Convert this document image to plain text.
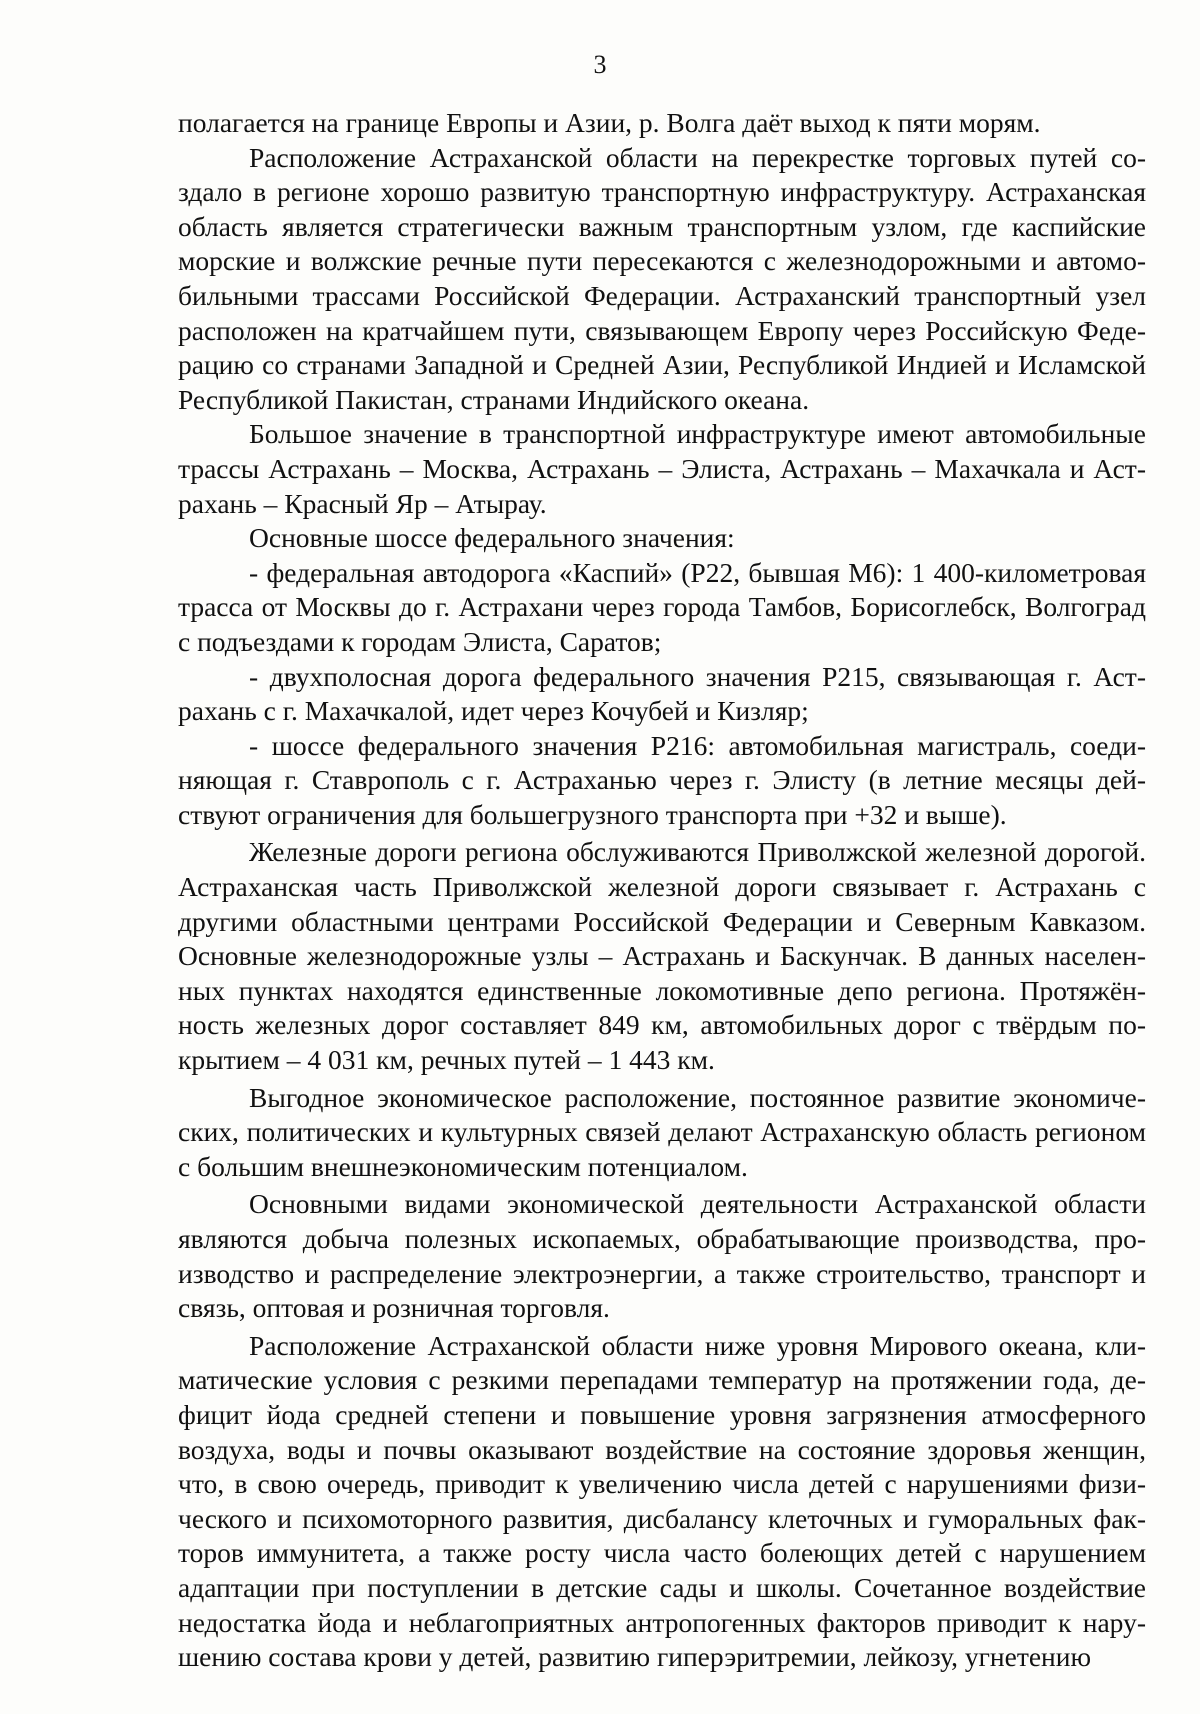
3

полагается на границе Европы и Азии, р. Волга даёт выход к пяти морям.

Расположение Астраханской области на перекрестке торговых путей создало в регионе хорошо развитую транспортную инфраструктуру. Астраханская область является стратегически важным транспортным узлом, где каспийские морские и волжские речные пути пересекаются с железнодорожными и автомобильными трассами Российской Федерации. Астраханский транспортный узел расположен на кратчайшем пути, связывающем Европу через Российскую Федерацию со странами Западной и Средней Азии, Республикой Индией и Исламской Республикой Пакистан, странами Индийского океана.

Большое значение в транспортной инфраструктуре имеют автомобильные трассы Астрахань – Москва, Астрахань – Элиста, Астрахань – Махачкала и Астрахань – Красный Яр – Атырау.

Основные шоссе федерального значения:

- федеральная автодорога «Каспий» (Р22, бывшая М6): 1 400-километровая трасса от Москвы до г. Астрахани через города Тамбов, Борисоглебск, Волгоград с подъездами к городам Элиста, Саратов;

- двухполосная дорога федерального значения Р215, связывающая г. Астрахань с г. Махачкалой, идет через Кочубей и Кизляр;

- шоссе федерального значения Р216: автомобильная магистраль, соединяющая г. Ставрополь с г. Астраханью через г. Элисту (в летние месяцы действуют ограничения для большегрузного транспорта при +32 и выше).

Железные дороги региона обслуживаются Приволжской железной дорогой. Астраханская часть Приволжской железной дороги связывает г. Астрахань с другими областными центрами Российской Федерации и Северным Кавказом. Основные железнодорожные узлы – Астрахань и Баскунчак. В данных населенных пунктах находятся единственные локомотивные депо региона. Протяжённость железных дорог составляет 849 км, автомобильных дорог с твёрдым покрытием – 4 031 км, речных путей – 1 443 км.

Выгодное экономическое расположение, постоянное развитие экономических, политических и культурных связей делают Астраханскую область регионом с большим внешнеэкономическим потенциалом.

Основными видами экономической деятельности Астраханской области являются добыча полезных ископаемых, обрабатывающие производства, производство и распределение электроэнергии, а также строительство, транспорт и связь, оптовая и розничная торговля.

Расположение Астраханской области ниже уровня Мирового океана, климатические условия с резкими перепадами температур на протяжении года, дефицит йода средней степени и повышение уровня загрязнения атмосферного воздуха, воды и почвы оказывают воздействие на состояние здоровья женщин, что, в свою очередь, приводит к увеличению числа детей с нарушениями физического и психомоторного развития, дисбалансу клеточных и гуморальных факторов иммунитета, а также росту числа часто болеющих детей с нарушением адаптации при поступлении в детские сады и школы. Сочетанное воздействие недостатка йода и неблагоприятных антропогенных факторов приводит к нарушению состава крови у детей, развитию гиперэритремии, лейкозу, угнетению
